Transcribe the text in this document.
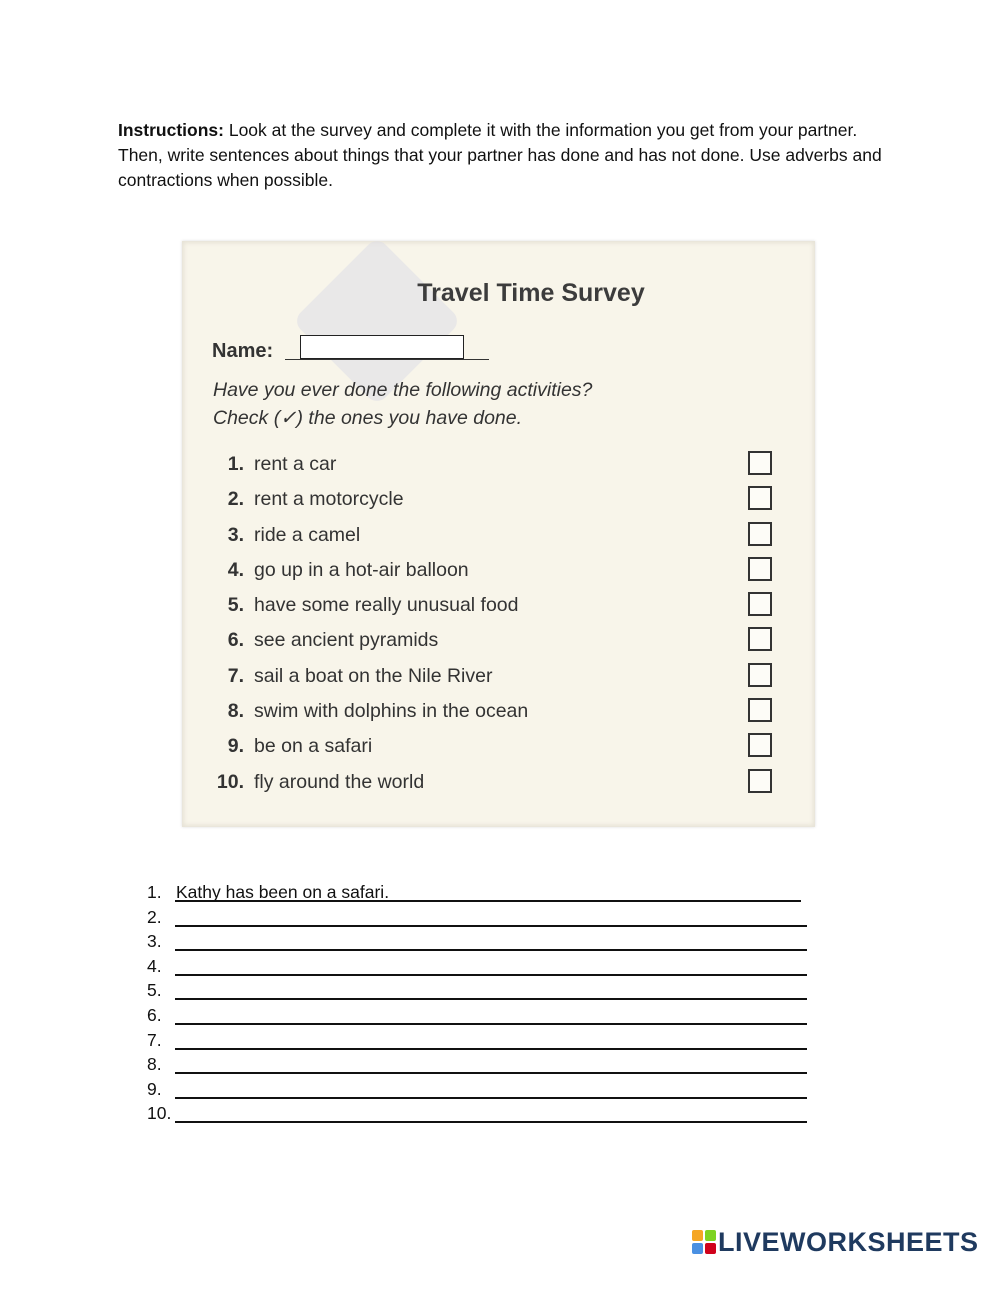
Instructions: Look at the survey and complete it with the information you get from your partner. Then, write sentences about things that your partner has done and has not done. Use adverbs and contractions when possible.
Travel Time Survey
Name:
Have you ever done the following activities?
Check (✓) the ones you have done.
1. rent a car
2. rent a motorcycle
3. ride a camel
4. go up in a hot-air balloon
5. have some really unusual food
6. see ancient pyramids
7. sail a boat on the Nile River
8. swim with dolphins in the ocean
9. be on a safari
10. fly around the world
1. Kathy has been on a safari.
2.
3.
4.
5.
6.
7.
8.
9.
10.
LIVEWORKSHEETS
